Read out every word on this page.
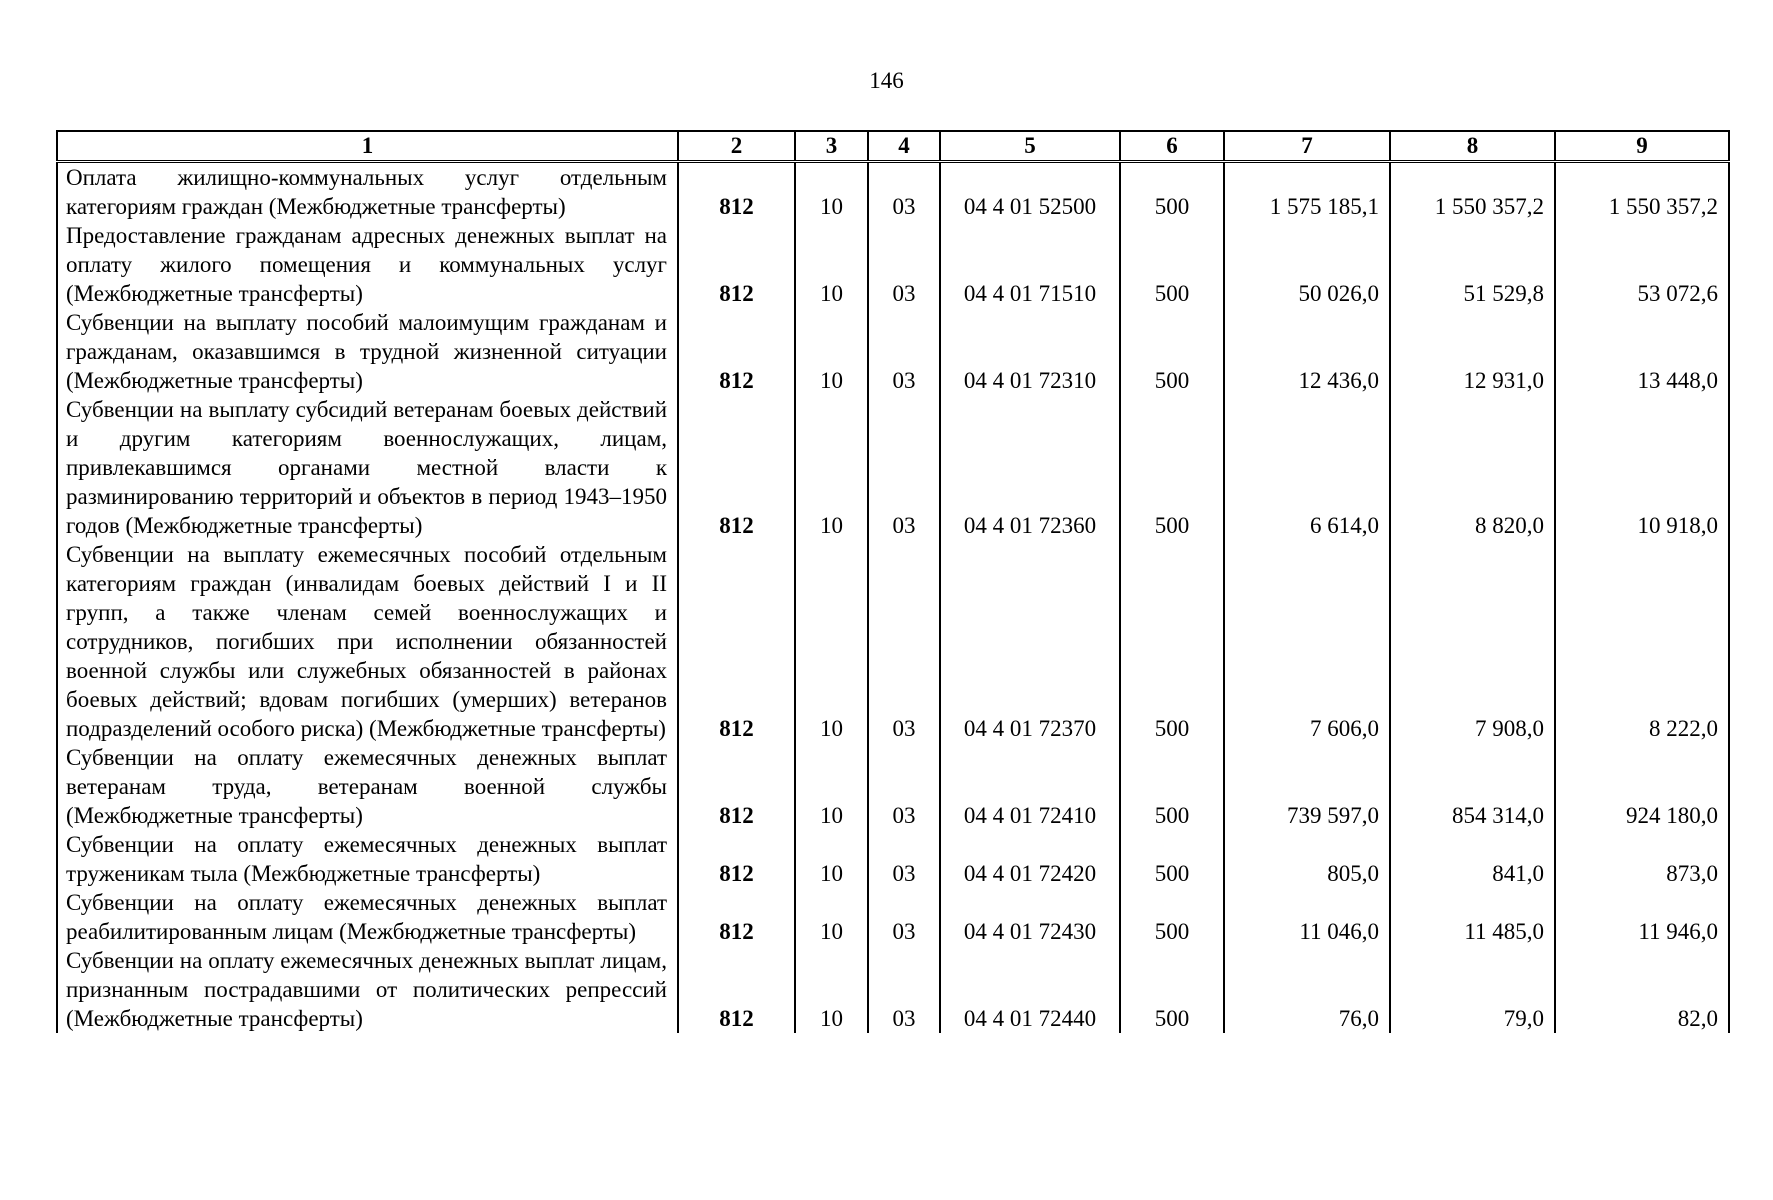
146
1	2	3	4	5	6	7	8	9
Оплата жилищно-коммунальных услуг отдельным категориям граждан (Межбюджетные трансферты)	812	10	03	04 4 01 52500	500	1 575 185,1	1 550 357,2	1 550 357,2
Предоставление гражданам адресных денежных выплат на оплату жилого помещения и коммунальных услуг (Межбюджетные трансферты)	812	10	03	04 4 01 71510	500	50 026,0	51 529,8	53 072,6
Субвенции на выплату пособий малоимущим гражданам и гражданам, оказавшимся в трудной жизненной ситуации (Межбюджетные трансферты)	812	10	03	04 4 01 72310	500	12 436,0	12 931,0	13 448,0
Субвенции на выплату субсидий ветеранам боевых действий и другим категориям военнослужащих, лицам, привлекавшимся органами местной власти к разминированию территорий и объектов в период 1943–1950 годов (Межбюджетные трансферты)	812	10	03	04 4 01 72360	500	6 614,0	8 820,0	10 918,0
Субвенции на выплату ежемесячных пособий отдельным категориям граждан (инвалидам боевых действий I и II групп, а также членам семей военнослужащих и сотрудников, погибших при исполнении обязанностей военной службы или служебных обязанностей в районах боевых действий; вдовам погибших (умерших) ветеранов подразделений особого риска) (Межбюджетные трансферты)	812	10	03	04 4 01 72370	500	7 606,0	7 908,0	8 222,0
Субвенции на оплату ежемесячных денежных выплат ветеранам труда, ветеранам военной службы (Межбюджетные трансферты)	812	10	03	04 4 01 72410	500	739 597,0	854 314,0	924 180,0
Субвенции на оплату ежемесячных денежных выплат труженикам тыла (Межбюджетные трансферты)	812	10	03	04 4 01 72420	500	805,0	841,0	873,0
Субвенции на оплату ежемесячных денежных выплат реабилитированным лицам (Межбюджетные трансферты)	812	10	03	04 4 01 72430	500	11 046,0	11 485,0	11 946,0
Субвенции на оплату ежемесячных денежных выплат лицам, признанным пострадавшими от политических репрессий (Межбюджетные трансферты)	812	10	03	04 4 01 72440	500	76,0	79,0	82,0
